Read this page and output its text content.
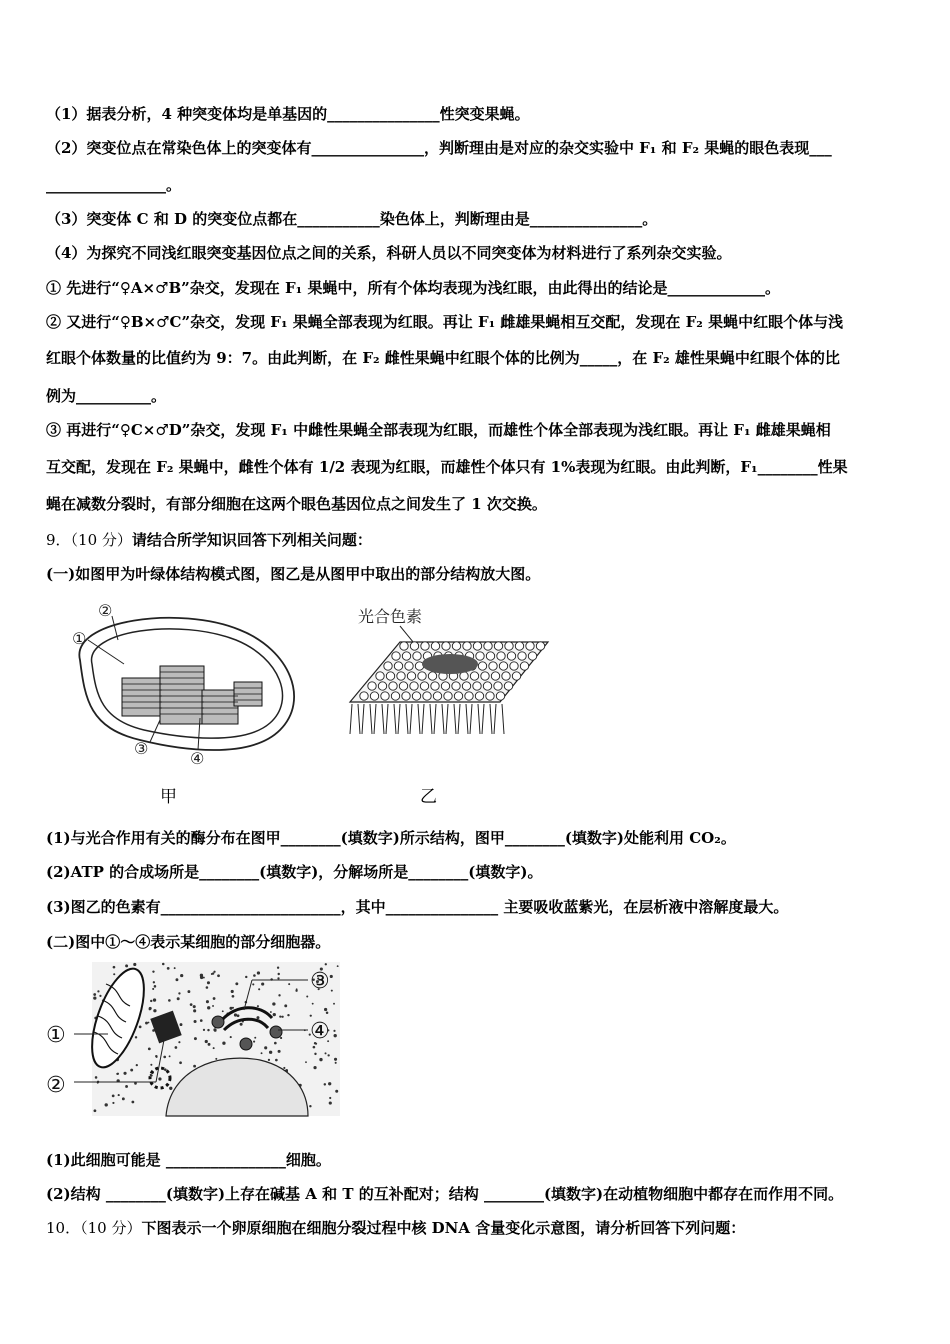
（1）据表分析，4 种突变体均是单基因的_______________性突变果蝇。
（2）突变位点在常染色体上的突变体有_______________，判断理由是对应的杂交实验中 F₁ 和 F₂ 果蝇的眼色表现___
________________。
（3）突变体 C 和 D 的突变位点都在___________染色体上，判断理由是_______________。
（4）为探究不同浅红眼突变基因位点之间的关系，科研人员以不同突变体为材料进行了系列杂交实验。
① 先进行“♀A×♂B”杂交，发现在 F₁ 果蝇中，所有个体均表现为浅红眼，由此得出的结论是_____________。
② 又进行“♀B×♂C”杂交，发现 F₁ 果蝇全部表现为红眼。再让 F₁ 雌雄果蝇相互交配，发现在 F₂ 果蝇中红眼个体与浅
红眼个体数量的比值约为 9：7。由此判断，在 F₂ 雌性果蝇中红眼个体的比例为_____，在 F₂ 雄性果蝇中红眼个体的比
例为__________。
③ 再进行“♀C×♂D”杂交，发现 F₁ 中雌性果蝇全部表现为红眼，而雄性个体全部表现为浅红眼。再让 F₁ 雌雄果蝇相
互交配，发现在 F₂ 果蝇中，雌性个体有 1/2 表现为红眼，而雄性个体只有 1%表现为红眼。由此判断，F₁________性果
蝇在减数分裂时，有部分细胞在这两个眼色基因位点之间发生了 1 次交换。
9．（10 分）请结合所学知识回答下列相关问题：
(一)如图甲为叶绿体结构模式图，图乙是从图甲中取出的部分结构放大图。
②
①
③
④
甲
光合色素
乙
(1)与光合作用有关的酶分布在图甲________(填数字)所示结构，图甲________(填数字)处能利用 CO₂。
(2)ATP 的合成场所是________(填数字)，分解场所是________(填数字)。
(3)图乙的色素有________________________，其中_______________ 主要吸收蓝紫光，在层析液中溶解度最大。
(二)图中①～④表示某细胞的部分细胞器。
①
②
③
④
(1)此细胞可能是 ________________细胞。
(2)结构 ________(填数字)上存在碱基 A 和 T 的互补配对；结构 ________(填数字)在动植物细胞中都存在而作用不同。
10．（10 分）下图表示一个卵原细胞在细胞分裂过程中核 DNA 含量变化示意图，请分析回答下列问题：
